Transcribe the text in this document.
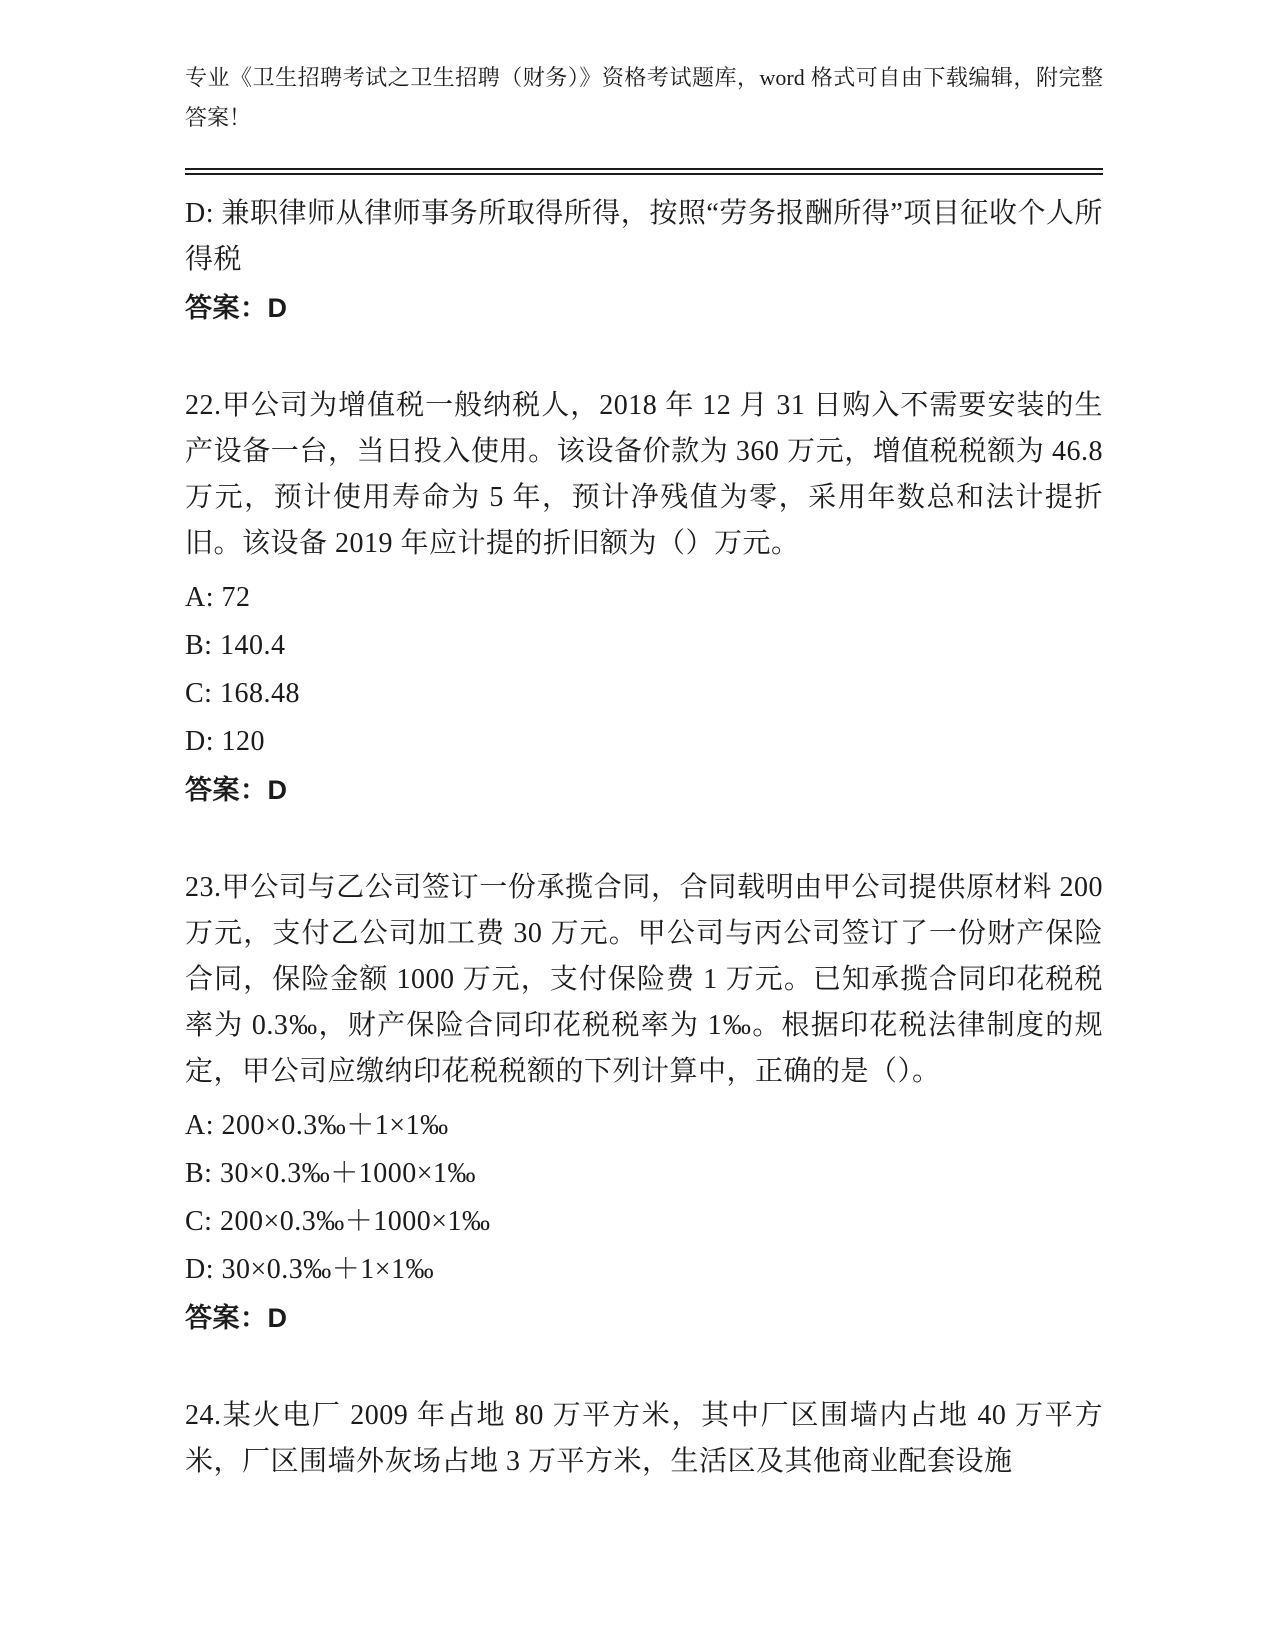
专业《卫生招聘考试之卫生招聘（财务）》资格考试题库，word 格式可自由下载编辑，附完整答案！

D: 兼职律师从律师事务所取得所得，按照“劳务报酬所得”项目征收个人所得税

答案：D

22.甲公司为增值税一般纳税人，2018 年 12 月 31 日购入不需要安装的生产设备一台，当日投入使用。该设备价款为 360 万元，增值税税额为 46.8 万元，预计使用寿命为 5 年，预计净残值为零，采用年数总和法计提折旧。该设备 2019 年应计提的折旧额为（）万元。

A: 72

B: 140.4

C: 168.48

D: 120

答案：D

23.甲公司与乙公司签订一份承揽合同，合同载明由甲公司提供原材料 200 万元，支付乙公司加工费 30 万元。甲公司与丙公司签订了一份财产保险合同，保险金额 1000 万元，支付保险费 1 万元。已知承揽合同印花税税率为 0.3‰，财产保险合同印花税税率为 1‰。根据印花税法律制度的规定，甲公司应缴纳印花税税额的下列计算中，正确的是（）。

A: 200×0.3‰＋1×1‰

B: 30×0.3‰＋1000×1‰

C: 200×0.3‰＋1000×1‰

D: 30×0.3‰＋1×1‰

答案：D

24.某火电厂 2009 年占地 80 万平方米，其中厂区围墙内占地 40 万平方米，厂区围墙外灰场占地 3 万平方米，生活区及其他商业配套设施
